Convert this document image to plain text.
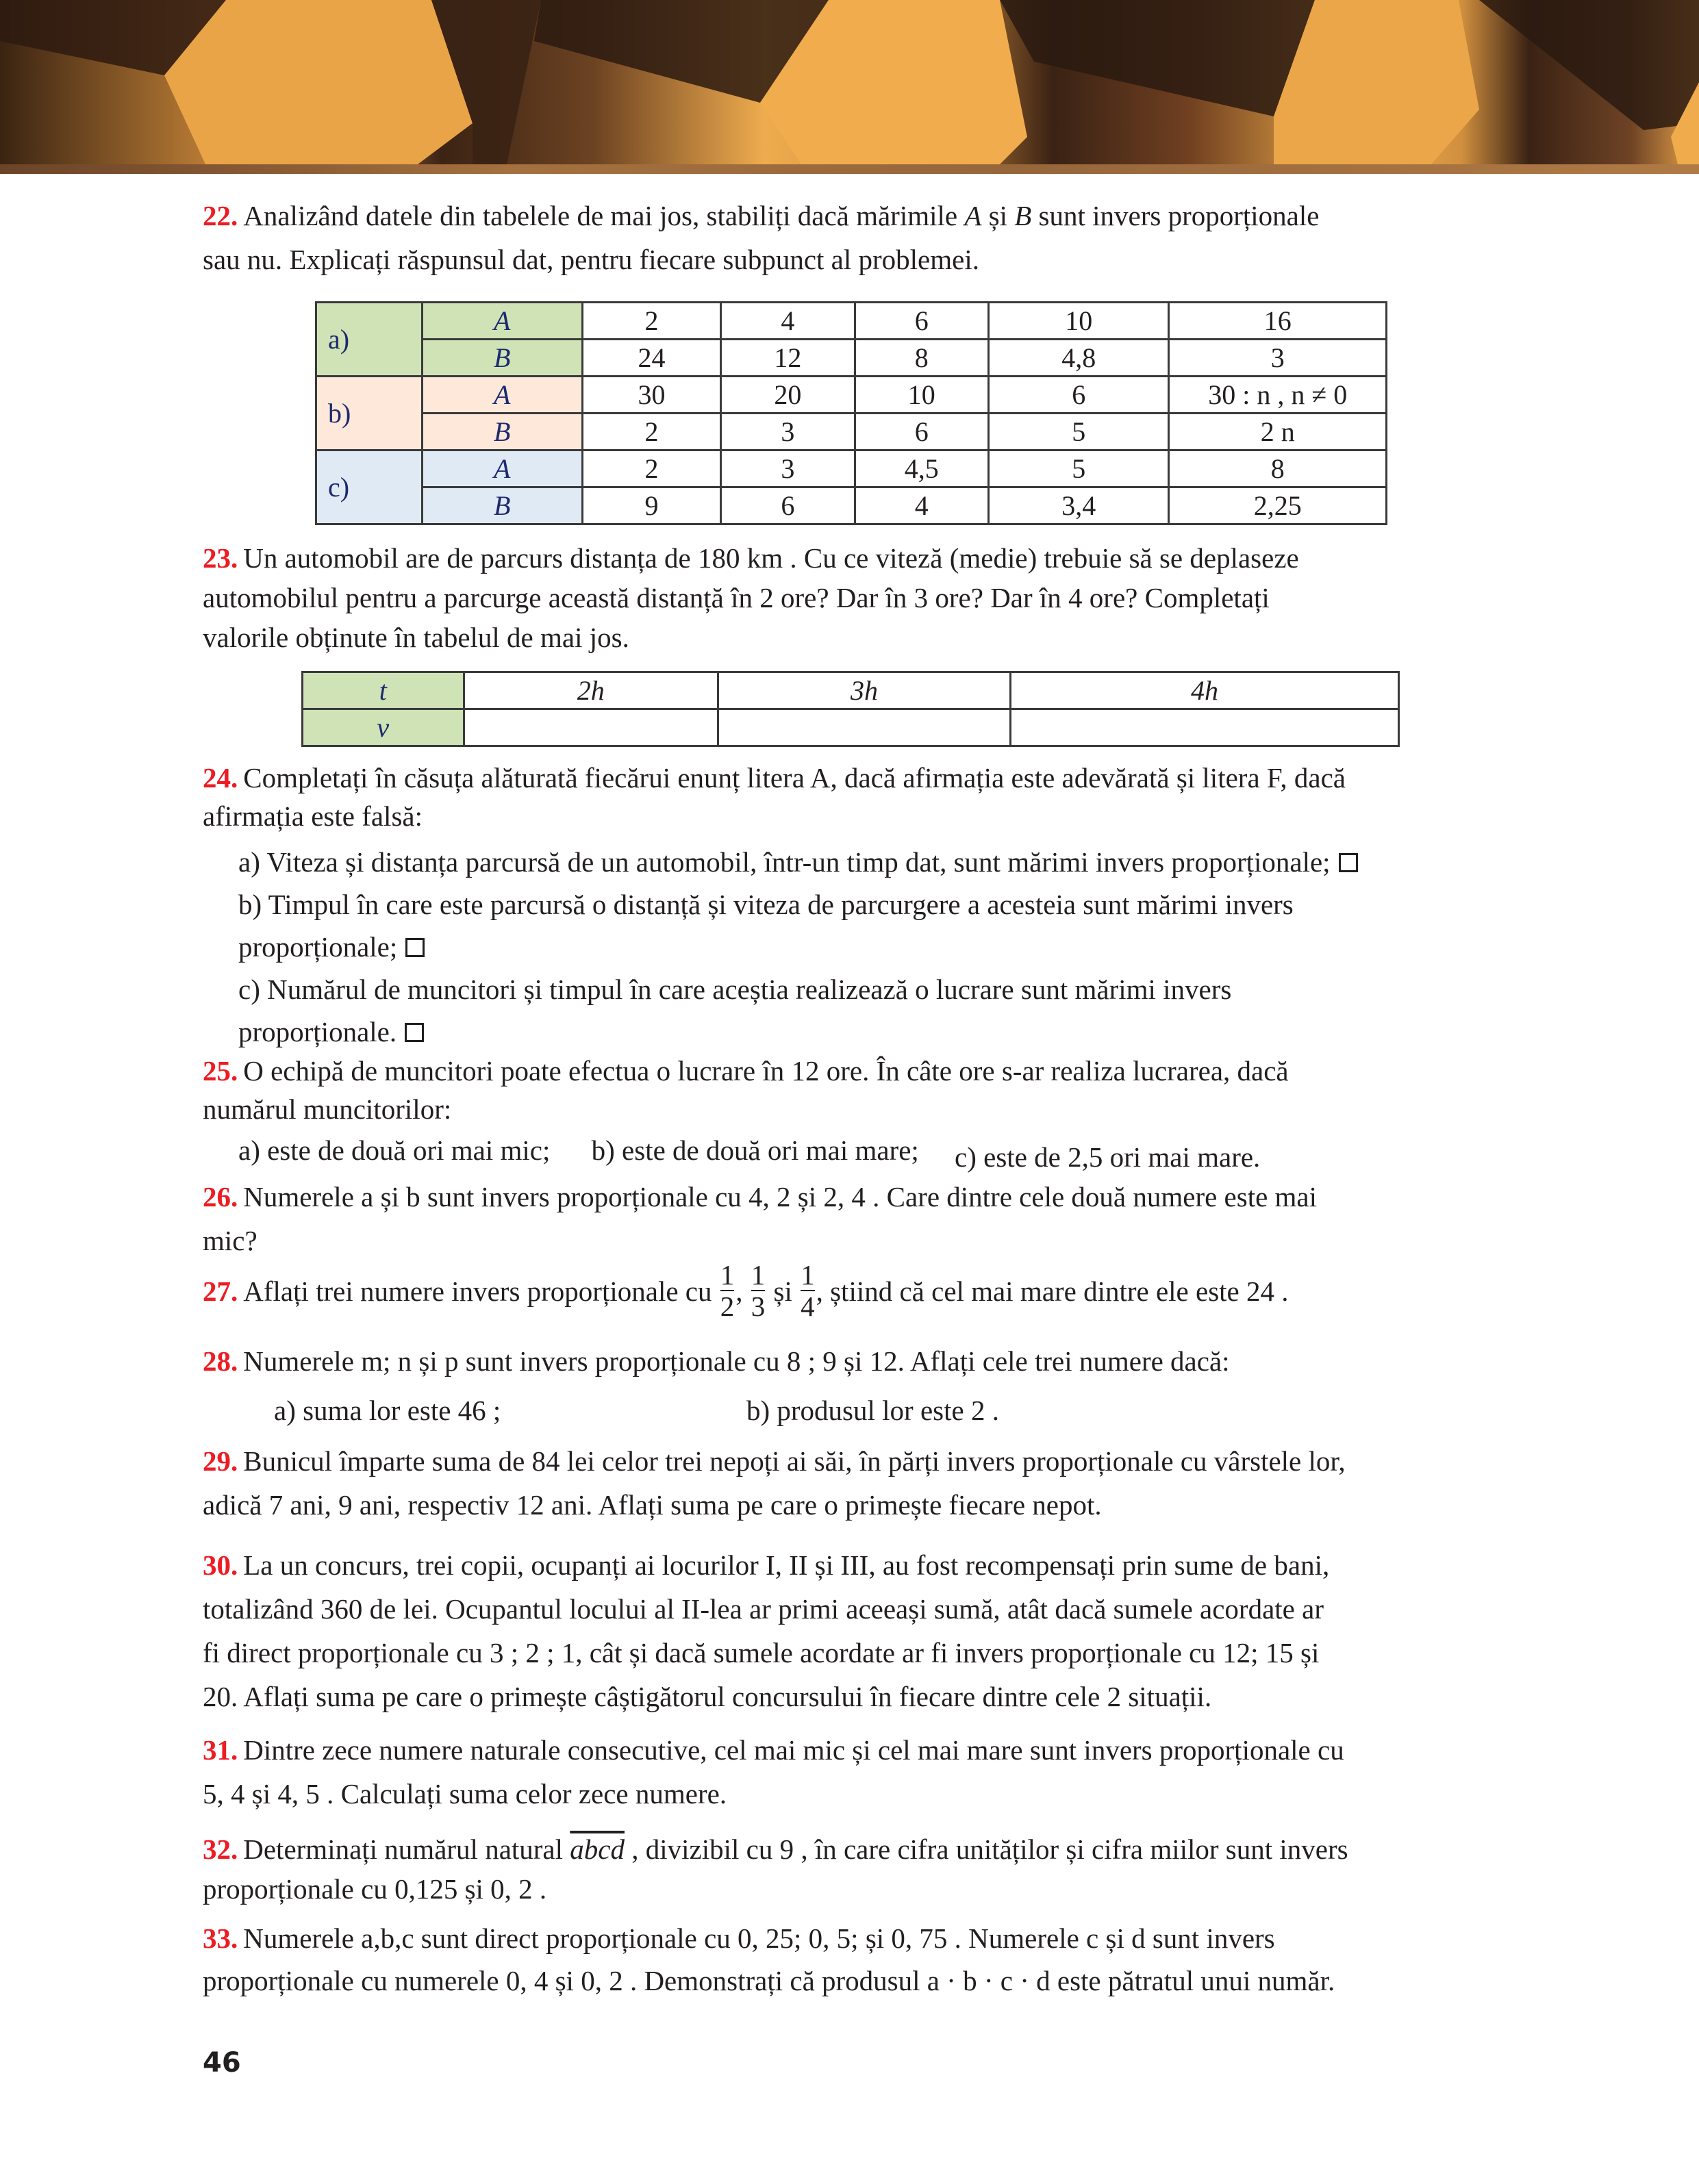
22. Analizând datele din tabelele de mai jos, stabiliți dacă mărimile A și B sunt invers proporționale
sau nu. Explicați răspunsul dat, pentru fiecare subpunct al problemei.
a)	A	2	4	6	10	16
	B	24	12	8	4,8	3
b)	A	30	20	10	6	30 : n , n ≠ 0
	B	2	3	6	5	2 n
c)	A	2	3	4,5	5	8
	B	9	6	4	3,4	2,25
23. Un automobil are de parcurs distanța de 180 km . Cu ce viteză (medie) trebuie să se deplaseze
automobilul pentru a parcurge această distanță în 2 ore? Dar în 3 ore? Dar în 4 ore? Completați
valorile obținute în tabelul de mai jos.
t	2h	3h	4h
v			
24. Completați în căsuța alăturată fiecărui enunț litera A, dacă afirmația este adevărată și litera F, dacă
afirmația este falsă:
a) Viteza și distanța parcursă de un automobil, într-un timp dat, sunt mărimi invers proporționale;
b) Timpul în care este parcursă o distanță și viteza de parcurgere a acesteia sunt mărimi invers
proporționale;
c) Numărul de muncitori și timpul în care aceștia realizează o lucrare sunt mărimi invers
proporționale.
25. O echipă de muncitori poate efectua o lucrare în 12 ore. În câte ore s-ar realiza lucrarea, dacă
numărul muncitorilor:
a) este de două ori mai mic; b) este de două ori mai mare; c) este de 2,5 ori mai mare.
26. Numerele a și b sunt invers proporționale cu 4, 2 și 2, 4 . Care dintre cele două numere este mai
mic?
27. Aflați trei numere invers proporționale cu $\frac{1}{2}$ , $\frac{1}{3}$ și $\frac{1}{4}$ , știind că cel mai mare dintre ele este 24 .
28. Numerele m; n și p sunt invers proporționale cu 8 ; 9 și 12. Aflați cele trei numere dacă:
a) suma lor este 46 ;	b) produsul lor este 2 .
29. Bunicul împarte suma de 84 lei celor trei nepoți ai săi, în părți invers proporționale cu vârstele lor,
adică 7 ani, 9 ani, respectiv 12 ani. Aflați suma pe care o primește fiecare nepot.
30. La un concurs, trei copii, ocupanți ai locurilor I, II și III, au fost recompensați prin sume de bani,
totalizând 360 de lei. Ocupantul locului al II-lea ar primi aceeași sumă, atât dacă sumele acordate ar
fi direct proporționale cu 3 ; 2 ; 1, cât și dacă sumele acordate ar fi invers proporționale cu 12; 15 și
20. Aflați suma pe care o primește câștigătorul concursului în fiecare dintre cele 2 situații.
31. Dintre zece numere naturale consecutive, cel mai mic și cel mai mare sunt invers proporționale cu
5, 4 și 4, 5 . Calculați suma celor zece numere.
32. Determinați numărul natural abcd , divizibil cu 9 , în care cifra unităților și cifra miilor sunt invers
proporționale cu 0,125 și 0, 2 .
33. Numerele a,b,c sunt direct proporționale cu 0, 25; 0, 5; și 0, 75 . Numerele c și d sunt invers
proporționale cu numerele 0, 4 și 0, 2 . Demonstrați că produsul a · b · c · d este pătratul unui număr.
46
